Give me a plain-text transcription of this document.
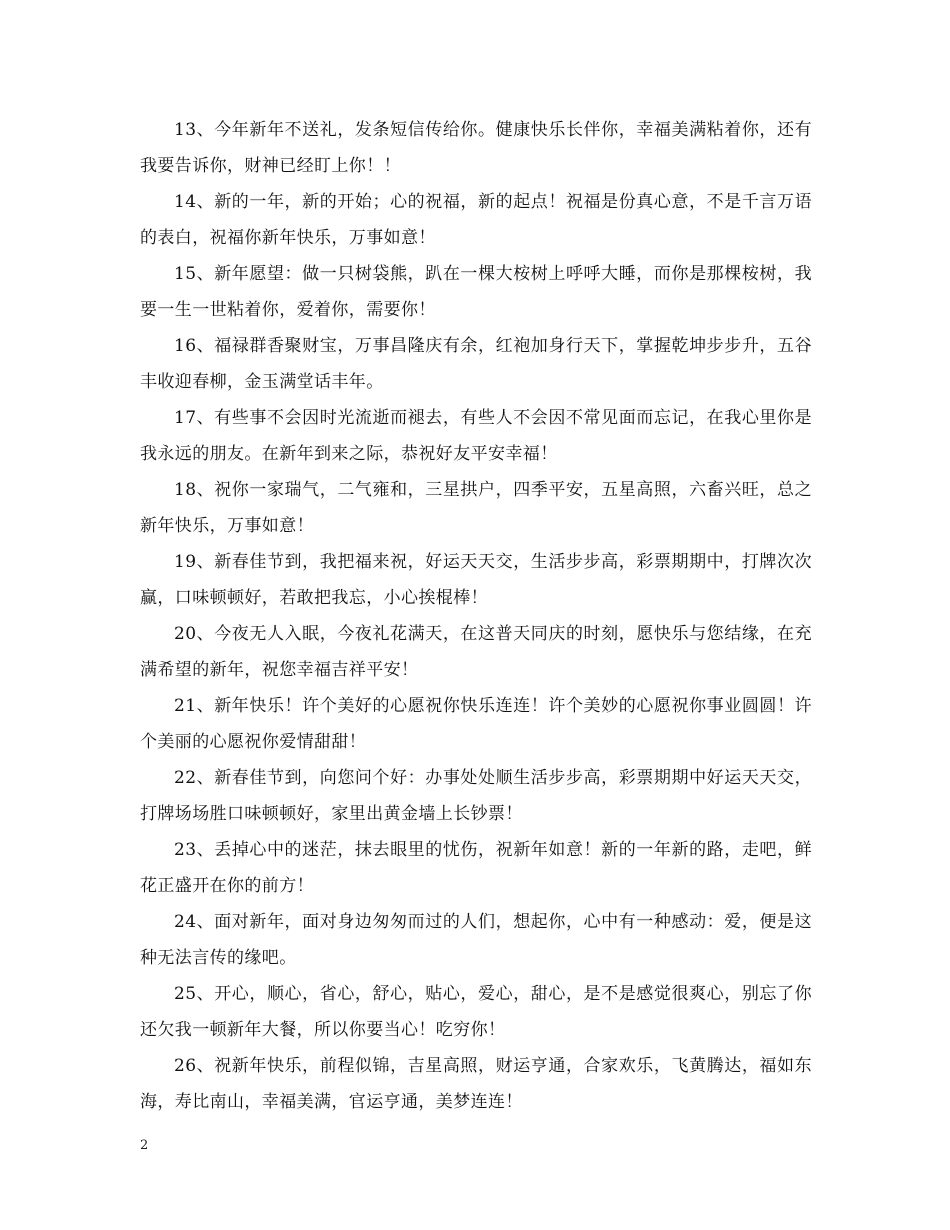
13、今年新年不送礼，发条短信传给你。健康快乐长伴你，幸福美满粘着你，还有我要告诉你，财神已经盯上你！！

14、新的一年，新的开始；心的祝福，新的起点！祝福是份真心意，不是千言万语的表白，祝福你新年快乐，万事如意！

15、新年愿望：做一只树袋熊，趴在一棵大桉树上呼呼大睡，而你是那棵桉树，我要一生一世粘着你，爱着你，需要你！

16、福禄群香聚财宝，万事昌隆庆有余，红袍加身行天下，掌握乾坤步步升，五谷丰收迎春柳，金玉满堂话丰年。

17、有些事不会因时光流逝而褪去，有些人不会因不常见面而忘记，在我心里你是我永远的朋友。在新年到来之际，恭祝好友平安幸福！

18、祝你一家瑞气，二气雍和，三星拱户，四季平安，五星高照，六畜兴旺，总之新年快乐，万事如意！

19、新春佳节到，我把福来祝，好运天天交，生活步步高，彩票期期中，打牌次次赢，口味顿顿好，若敢把我忘，小心挨棍棒！

20、今夜无人入眠，今夜礼花满天，在这普天同庆的时刻，愿快乐与您结缘，在充满希望的新年，祝您幸福吉祥平安！

21、新年快乐！许个美好的心愿祝你快乐连连！许个美妙的心愿祝你事业圆圆！许个美丽的心愿祝你爱情甜甜！

22、新春佳节到，向您问个好：办事处处顺生活步步高，彩票期期中好运天天交，打牌场场胜口味顿顿好，家里出黄金墙上长钞票！

23、丢掉心中的迷茫，抹去眼里的忧伤，祝新年如意！新的一年新的路，走吧，鲜花正盛开在你的前方！

24、面对新年，面对身边匆匆而过的人们，想起你，心中有一种感动：爱，便是这种无法言传的缘吧。

25、开心，顺心，省心，舒心，贴心，爱心，甜心，是不是感觉很爽心，别忘了你还欠我一顿新年大餐，所以你要当心！吃穷你！

26、祝新年快乐，前程似锦，吉星高照，财运亨通，合家欢乐，飞黄腾达，福如东海，寿比南山，幸福美满，官运亨通，美梦连连！

2
